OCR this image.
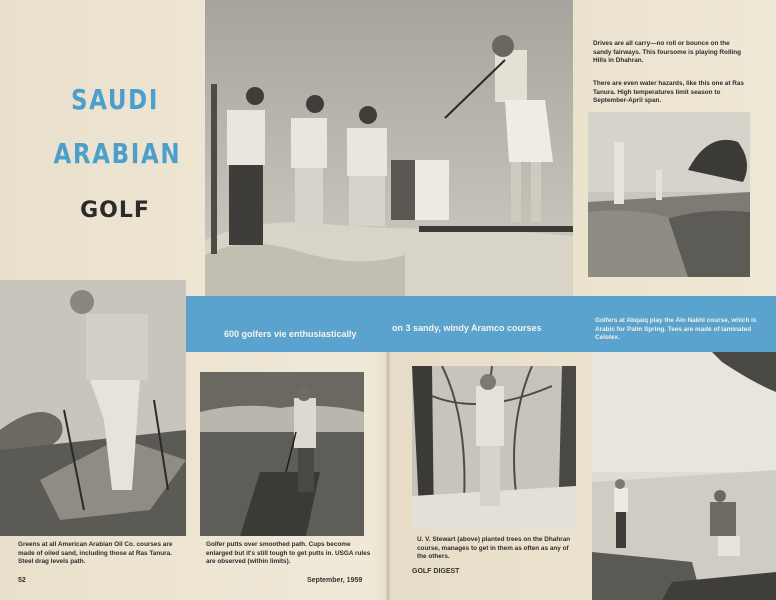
SAUDI
ARABIAN
GOLF
Drives are all carry—no roll or bounce on the sandy fairways. This foursome is playing Rolling Hills in Dhahran.
There are even water hazards, like this one at Ras Tanura. High temperatures limit season to September-April span.
600 golfers vie enthusiastically
on 3 sandy, windy Aramco courses
Golfers at Abqaiq play the Ain Nakhl course, which is Arabic for Palm Spring. Tees are made of laminated Celotex.
Greens at all American Arabian Oil Co. courses are made of oiled sand, including those at Ras Tanura. Steel drag levels path.
Golfer putts over smoothed path. Cups become enlarged but it's still tough to get putts in. USGA rules are observed (within limits).
U. V. Stewart (above) planted trees on the Dhahran course, manages to get in them as often as any of the others.
52	September, 1959
GOLF DIGEST
